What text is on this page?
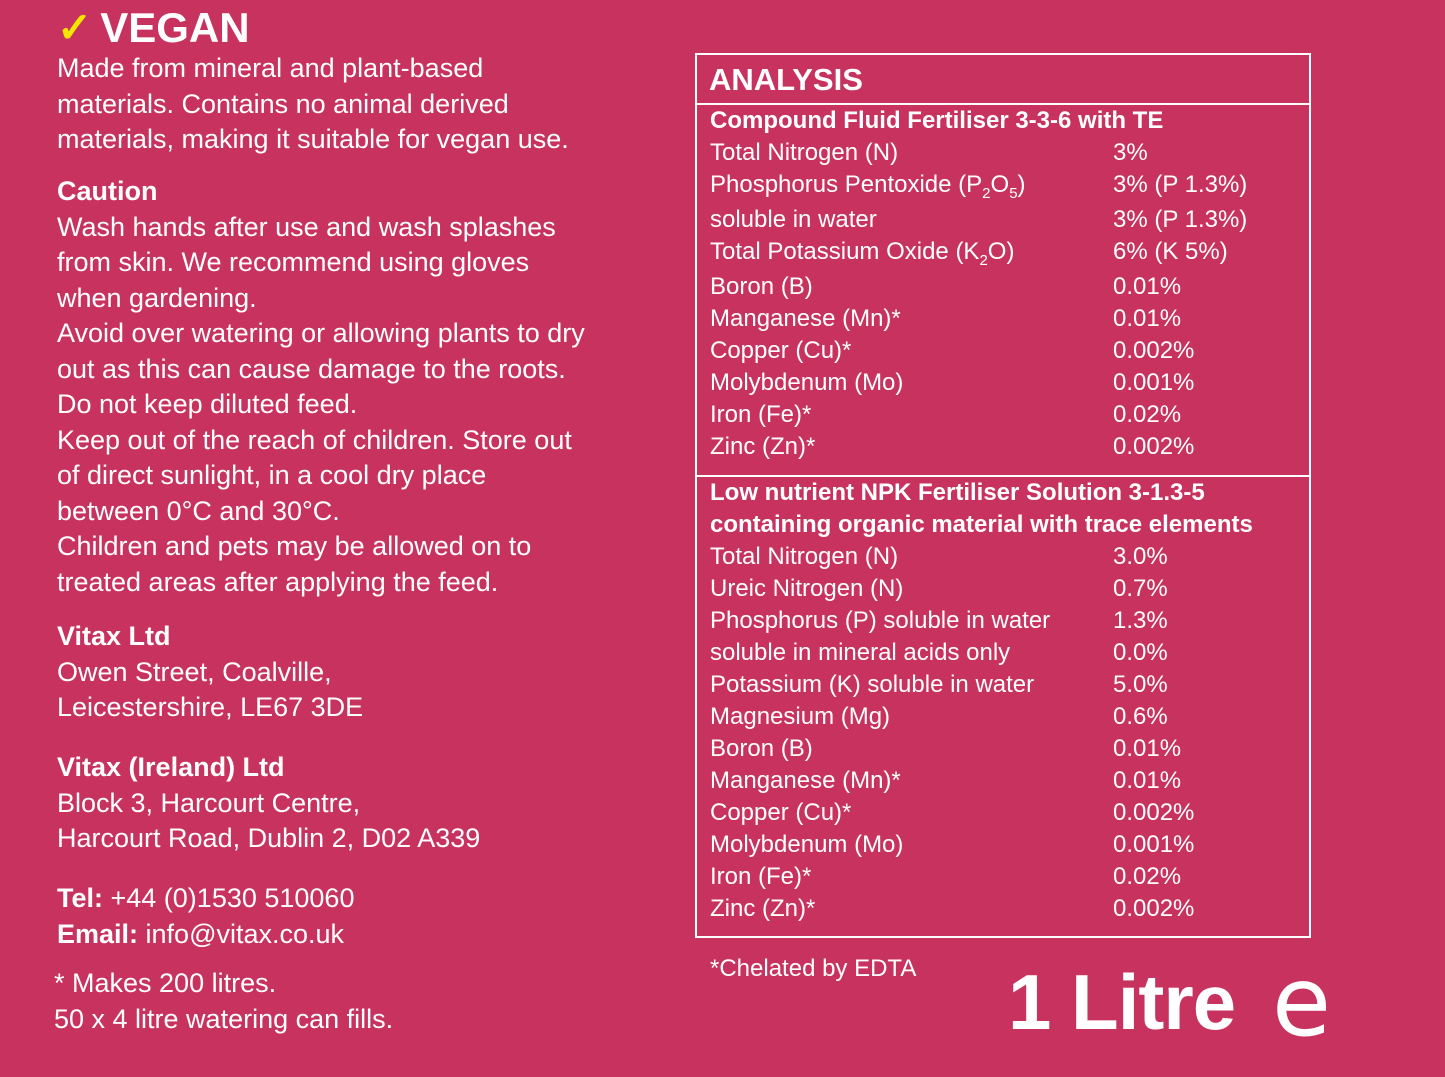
✓ VEGAN
Made from mineral and plant-based
materials. Contains no animal derived
materials, making it suitable for vegan use.
Caution
Wash hands after use and wash splashes
from skin. We recommend using gloves
when gardening.
Avoid over watering or allowing plants to dry
out as this can cause damage to the roots.
Do not keep diluted feed.
Keep out of the reach of children. Store out
of direct sunlight, in a cool dry place
between 0°C and 30°C.
Children and pets may be allowed on to
treated areas after applying the feed.
Vitax Ltd
Owen Street, Coalville,
Leicestershire, LE67 3DE
Vitax (Ireland) Ltd
Block 3, Harcourt Centre,
Harcourt Road, Dublin 2, D02 A339
Tel: +44 (0)1530 510060
Email: info@vitax.co.uk
* Makes 200 litres.
50 x 4 litre watering can fills.
ANALYSIS
Compound Fluid Fertiliser 3-3-6 with TE
Total Nitrogen (N)	3%
Phosphorus Pentoxide $(P_2O_5)$	3% (P 1.3%)
soluble in water	3% (P 1.3%)
Total Potassium Oxide $(K_2O)$	6% (K 5%)
Boron (B)	0.01%
Manganese (Mn)*	0.01%
Copper (Cu)*	0.002%
Molybdenum (Mo)	0.001%
Iron (Fe)*	0.02%
Zinc (Zn)*	0.002%
Low nutrient NPK Fertiliser Solution 3-1.3-5
containing organic material with trace elements
Total Nitrogen (N)	3.0%
Ureic Nitrogen (N)	0.7%
Phosphorus (P) soluble in water	1.3%
soluble in mineral acids only	0.0%
Potassium (K) soluble in water	5.0%
Magnesium (Mg)	0.6%
Boron (B)	0.01%
Manganese (Mn)*	0.01%
Copper (Cu)*	0.002%
Molybdenum (Mo)	0.001%
Iron (Fe)*	0.02%
Zinc (Zn)*	0.002%
*Chelated by EDTA 1 Litre e
